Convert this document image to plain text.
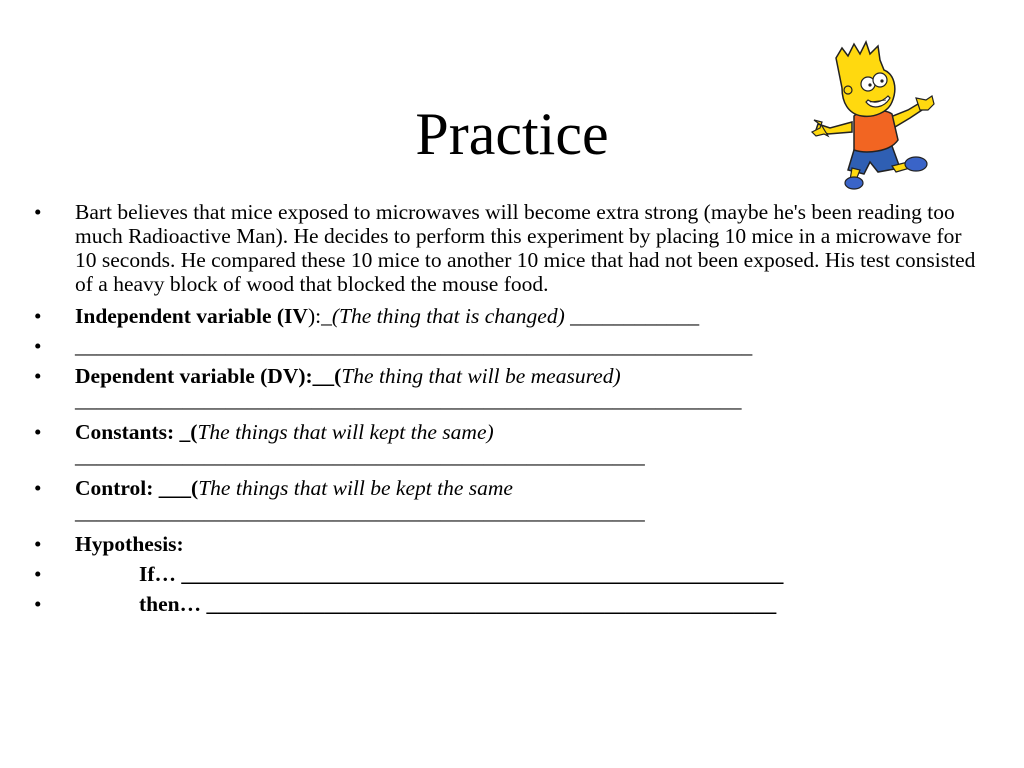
Practice
• Bart believes that mice exposed to microwaves will become extra strong (maybe he's been reading too much Radioactive Man). He decides to perform this experiment by placing 10 mice in a microwave for 10 seconds. He compared these 10 mice to another 10 mice that had not been exposed. His test consisted of a heavy block of wood that blocked the mouse food.
• Independent variable (IV):_(The thing that is changed) ____________
• _______________________________________________________________
• Dependent variable (DV):__(The thing that will be measured)
______________________________________________________________
• Constants: _(The things that will kept the same)
_____________________________________________________
• Control: ___(The things that will be kept the same
_____________________________________________________
• Hypothesis:
•	If… ________________________________________________________
•	then… _____________________________________________________
